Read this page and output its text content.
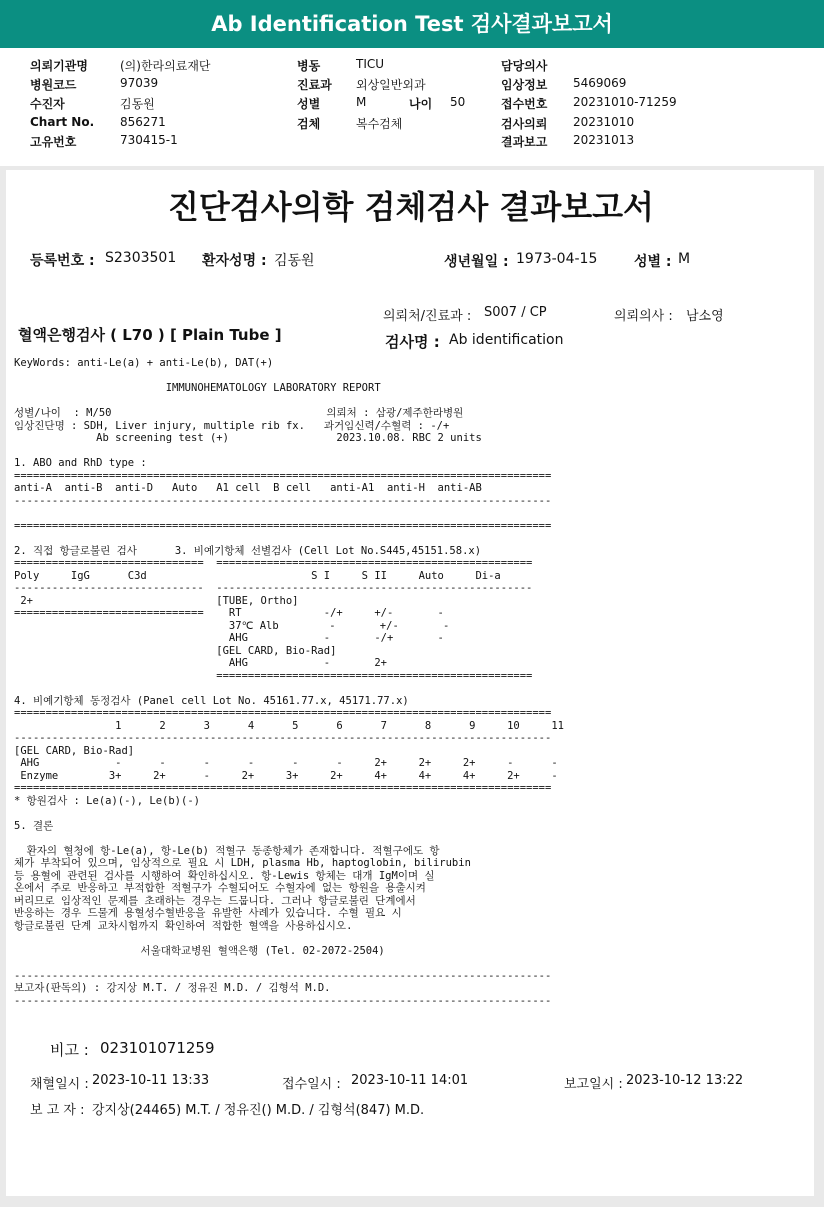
Ab Identification Test 검사결과보고서
의뢰기관명	(의)한라의료재단
병원코드	97039
수진자	김동원
Chart No. 856271
고유번호	730415-1
병동	TICU
진료과 외상일반외과
성별	M	나이 50
검체	복수검체
담당의사
임상정보 5469069
접수번호 20231010-71259
검사의뢰 20231010
결과보고 20231013
진단검사의학 검체검사 결과보고서
등록번호 : S2303501 환자성명 : 김동원	생년월일 : 1973-04-15	성별 : M
의뢰처/진료과 : S007 / CP	의뢰의사 : 남소영
혈액은행검사 ( L70 ) [ Plain Tube ]	검사명 : Ab identification
KeyWords: anti-Le(a) + anti-Le(b), DAT(+)

IMMUNOHEMATOLOGY LABORATORY REPORT

성별/나이  : M/50                                  의뢰처 : 삼광/제주한라병원
임상진단명 : SDH, Liver injury, multiple rib fx.   과거임신력/수혈력 : -/+
Ab screening test (+)                 2023.10.08. RBC 2 units

1. ABO and RhD type :
=====================================================================================
anti-A  anti-B  anti-D   Auto   A1 cell  B cell   anti-A1  anti-H  anti-AB
-------------------------------------------------------------------------------------

=====================================================================================

2. 직접 항글로불린 검사      3. 비예기항체 선별검사 (Cell Lot No.S445,45151.58.x)
==============================  ==================================================
Poly     IgG      C3d                          S I     S II     Auto     Di-a
------------------------------  --------------------------------------------------
2+                             [TUBE, Ortho]
==============================    RT             -/+     +/-       -
37℃ Alb        -       +/-       -
AHG            -       -/+       -
[GEL CARD, Bio-Rad]
AHG            -       2+
==================================================

4. 비예기항체 동정검사 (Panel cell Lot No. 45161.77.x, 45171.77.x)
=====================================================================================
1      2      3      4      5      6      7      8      9     10     11
-------------------------------------------------------------------------------------
[GEL CARD, Bio-Rad]
AHG            -      -      -      -      -      -     2+     2+     2+     -      -
Enzyme        3+     2+      -     2+     3+     2+     4+     4+     4+     2+     -
=====================================================================================
* 항원검사 : Le(a)(-), Le(b)(-)

5. 결론

환자의 혈청에 항-Le(a), 항-Le(b) 적혈구 동종항체가 존재합니다. 적혈구에도 항
체가 부착되어 있으며, 임상적으로 필요 시 LDH, plasma Hb, haptoglobin, bilirubin
등 용혈에 관련된 검사를 시행하여 확인하십시오. 항-Lewis 항체는 대개 IgM이며 실
온에서 주로 반응하고 부적합한 적혈구가 수혈되어도 수혈자에 없는 항원을 용출시켜
버리므로 임상적인 문제를 초래하는 경우는 드뭅니다. 그러나 항글로불린 단계에서
반응하는 경우 드물게 용혈성수혈반응을 유발한 사례가 있습니다. 수혈 필요 시
항글로불린 단계 교차시험까지 확인하여 적합한 혈액을 사용하십시오.

서울대학교병원 혈액은행 (Tel. 02-2072-2504)

-------------------------------------------------------------------------------------
보고자(판독의) : 강지상 M.T. / 정유진 M.D. / 김형석 M.D.
-------------------------------------------------------------------------------------
비고 : 023101071259
채혈일시 : 2023-10-11 13:33	접수일시 : 2023-10-11 14:01	보고일시 : 2023-10-12 13:22
보 고 자 : 강지상(24465) M.T. / 정유진() M.D. / 김형석(847) M.D.
